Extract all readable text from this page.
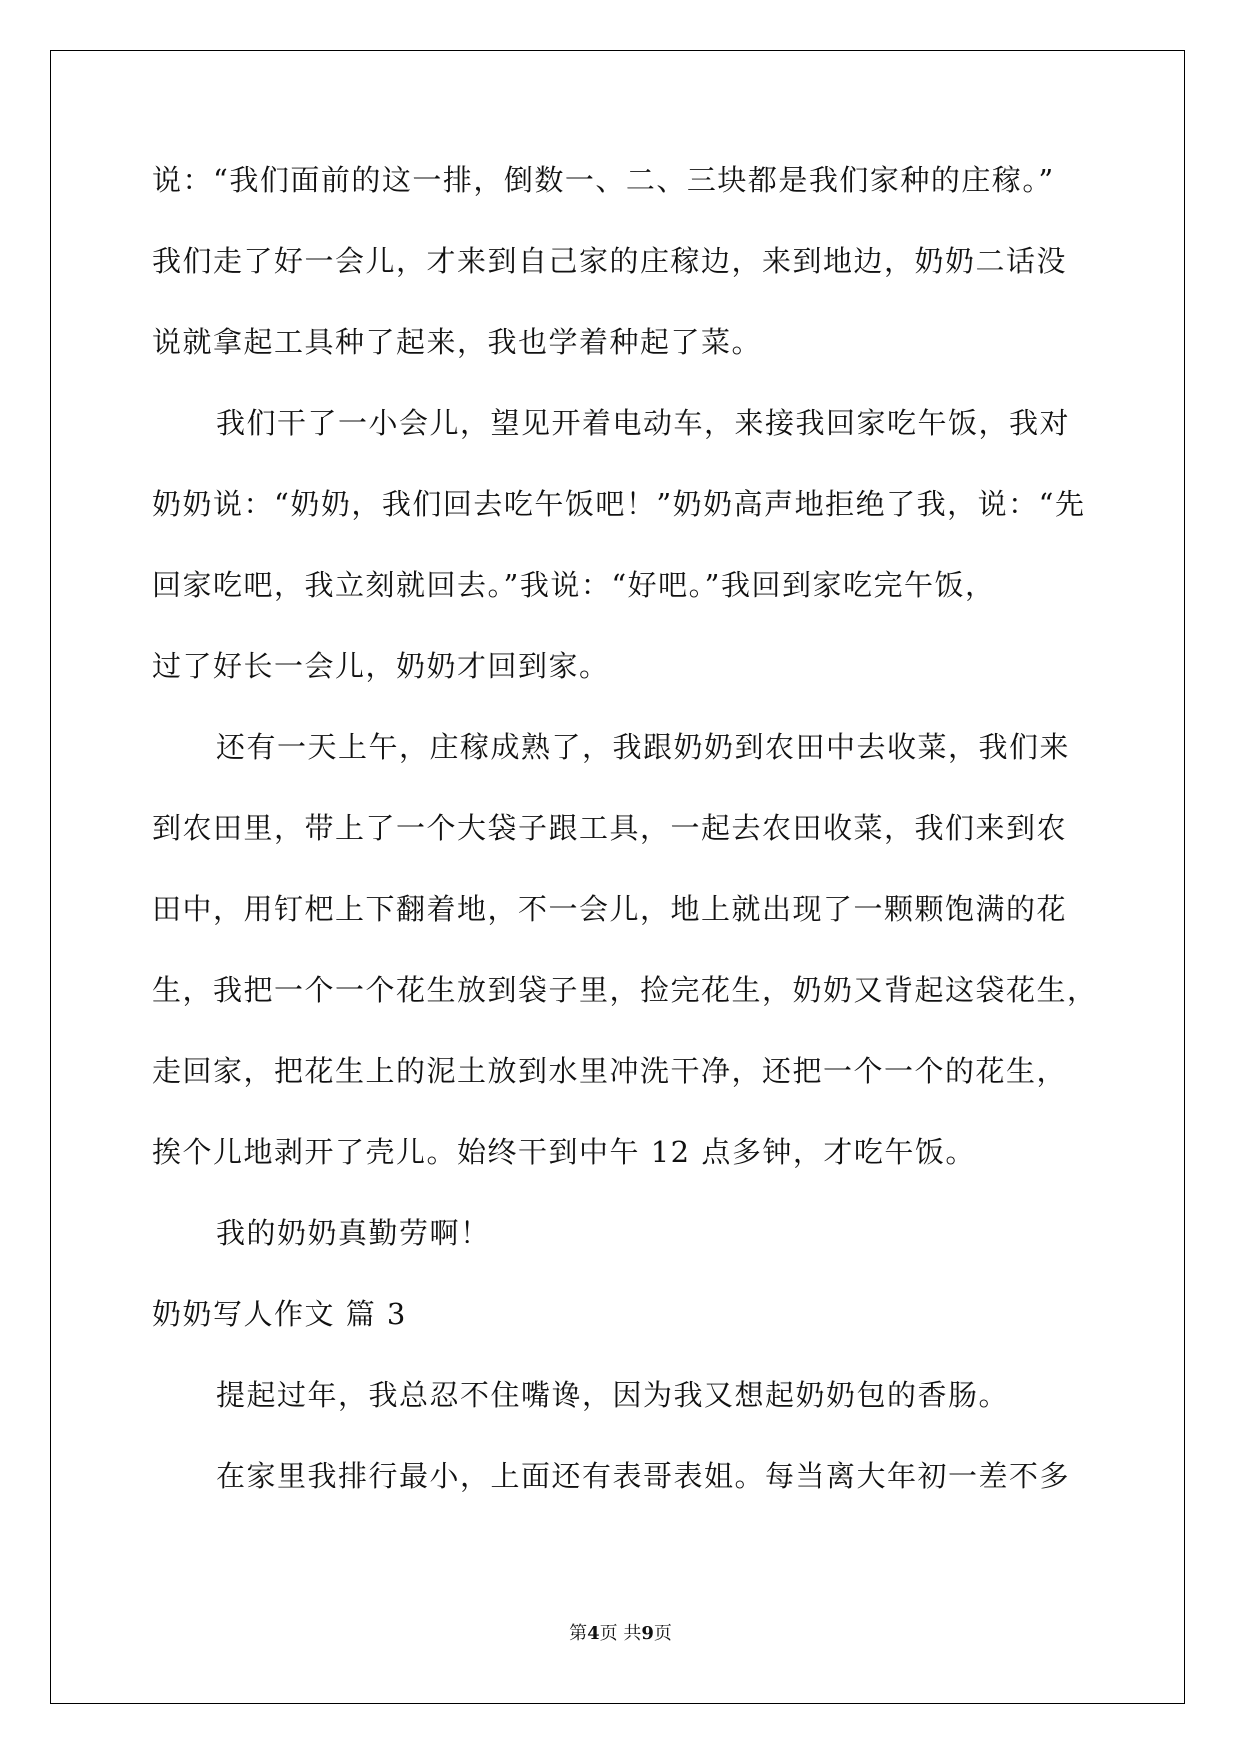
说：“我们面前的这一排，倒数一、二、三块都是我们家种的庄稼。”
我们走了好一会儿，才来到自己家的庄稼边，来到地边，奶奶二话没
说就拿起工具种了起来，我也学着种起了菜。
我们干了一小会儿，望见开着电动车，来接我回家吃午饭，我对
奶奶说：“奶奶，我们回去吃午饭吧！”奶奶高声地拒绝了我，说：“先
回家吃吧，我立刻就回去。”我说：“好吧。”我回到家吃完午饭，
过了好长一会儿，奶奶才回到家。
还有一天上午，庄稼成熟了，我跟奶奶到农田中去收菜，我们来
到农田里，带上了一个大袋子跟工具，一起去农田收菜，我们来到农
田中，用钉杷上下翻着地，不一会儿，地上就出现了一颗颗饱满的花
生，我把一个一个花生放到袋子里，捡完花生，奶奶又背起这袋花生，
走回家，把花生上的泥土放到水里冲洗干净，还把一个一个的花生，
挨个儿地剥开了壳儿。始终干到中午 12 点多钟，才吃午饭。
我的奶奶真勤劳啊！
奶奶写人作文 篇 3
提起过年，我总忍不住嘴谗，因为我又想起奶奶包的香肠。
在家里我排行最小，上面还有表哥表姐。每当离大年初一差不多
第4页 共9页
